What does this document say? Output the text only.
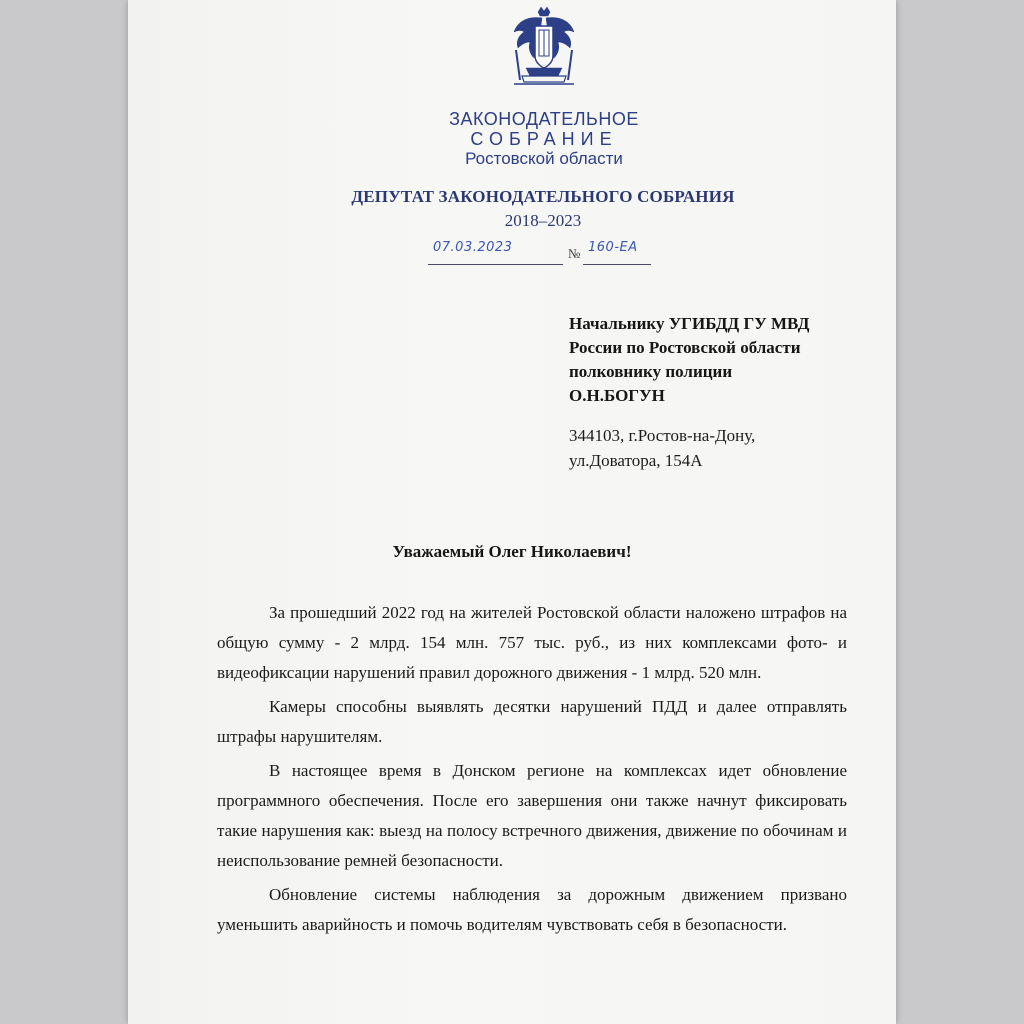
ЗАКОНОДАТЕЛЬНОЕ
СОБРАНИЕ
Ростовской области
ДЕПУТАТ ЗАКОНОДАТЕЛЬНОГО СОБРАНИЯ
2018–2023
07.03.2023	№ 160-ЕА
Начальнику УГИБДД ГУ МВД
России по Ростовской области
полковнику полиции
О.Н.БОГУН
344103, г.Ростов-на-Дону,
ул.Доватора, 154А
Уважаемый Олег Николаевич!

За прошедший 2022 год на жителей Ростовской области наложено штрафов на общую сумму - 2 млрд. 154 млн. 757 тыс. руб., из них комплексами фото- и видеофиксации нарушений правил дорожного движения - 1 млрд. 520 млн.

Камеры способны выявлять десятки нарушений ПДД и далее отправлять штрафы нарушителям.

В настоящее время в Донском регионе на комплексах идет обновление программного обеспечения. После его завершения они также начнут фиксировать такие нарушения как: выезд на полосу встречного движения, движение по обочинам и неиспользование ремней безопасности.

Обновление системы наблюдения за дорожным движением призвано уменьшить аварийность и помочь водителям чувствовать себя в безопасности.
